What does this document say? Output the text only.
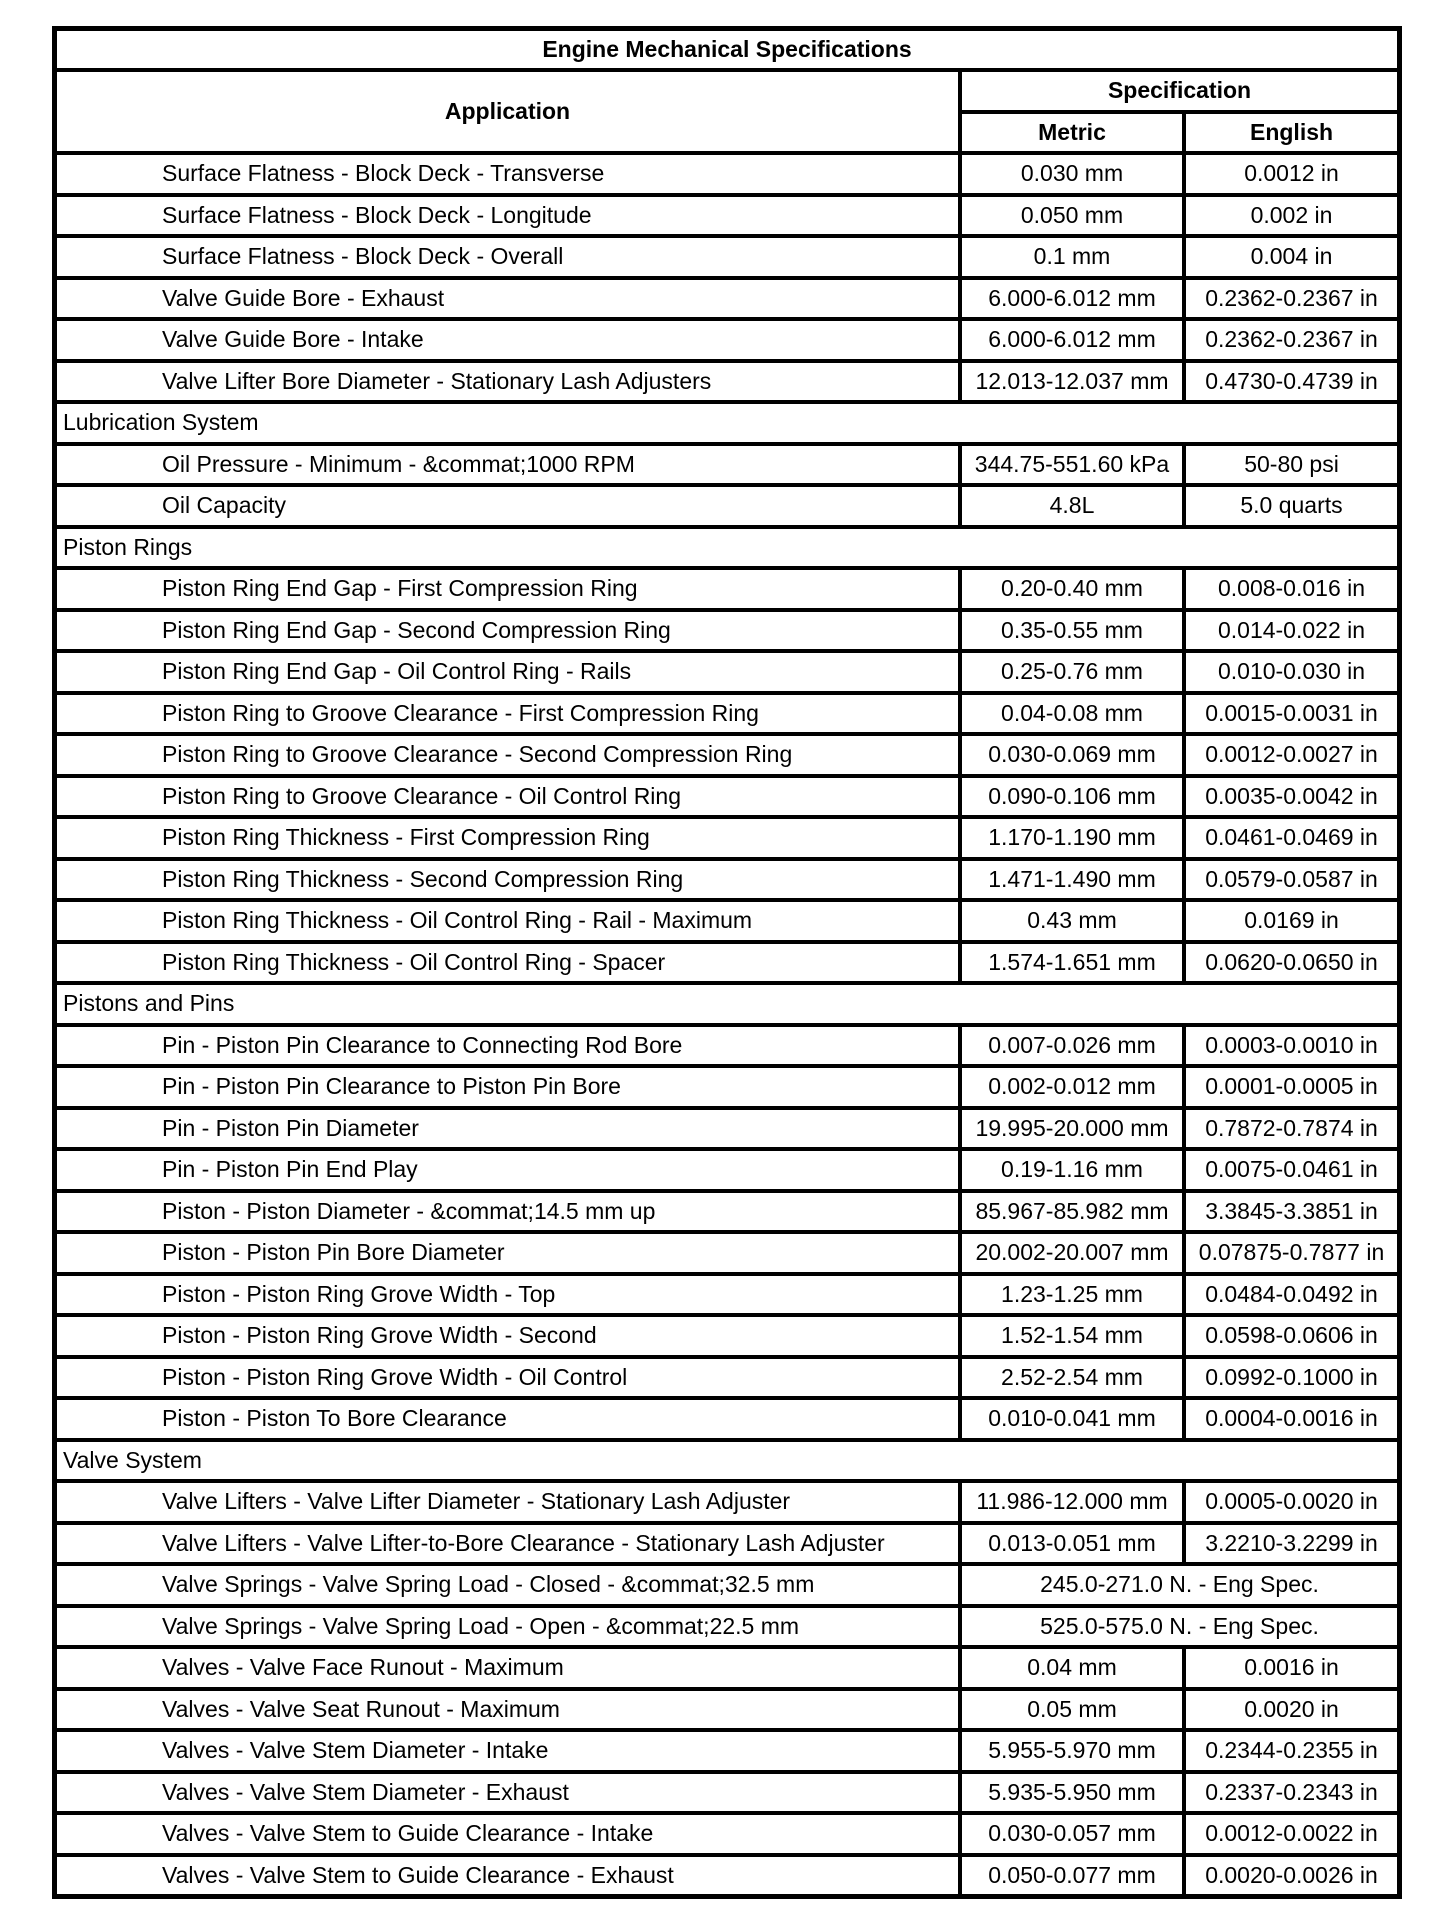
Engine Mechanical Specifications		
Application	Specification	
	Metric	English
Surface Flatness - Block Deck - Transverse	0.030 mm	0.0012 in
Surface Flatness - Block Deck - Longitude	0.050 mm	0.002 in
Surface Flatness - Block Deck - Overall	0.1 mm	0.004 in
Valve Guide Bore - Exhaust	6.000-6.012 mm	0.2362-0.2367 in
Valve Guide Bore - Intake	6.000-6.012 mm	0.2362-0.2367 in
Valve Lifter Bore Diameter - Stationary Lash Adjusters	12.013-12.037 mm	0.4730-0.4739 in
Lubrication System		
Oil Pressure - Minimum - &commat;1000 RPM	344.75-551.60 kPa	50-80 psi
Oil Capacity	4.8L	5.0 quarts
Piston Rings		
Piston Ring End Gap - First Compression Ring	0.20-0.40 mm	0.008-0.016 in
Piston Ring End Gap - Second Compression Ring	0.35-0.55 mm	0.014-0.022 in
Piston Ring End Gap - Oil Control Ring - Rails	0.25-0.76 mm	0.010-0.030 in
Piston Ring to Groove Clearance - First Compression Ring	0.04-0.08 mm	0.0015-0.0031 in
Piston Ring to Groove Clearance - Second Compression Ring	0.030-0.069 mm	0.0012-0.0027 in
Piston Ring to Groove Clearance - Oil Control Ring	0.090-0.106 mm	0.0035-0.0042 in
Piston Ring Thickness - First Compression Ring	1.170-1.190 mm	0.0461-0.0469 in
Piston Ring Thickness - Second Compression Ring	1.471-1.490 mm	0.0579-0.0587 in
Piston Ring Thickness - Oil Control Ring - Rail - Maximum	0.43 mm	0.0169 in
Piston Ring Thickness - Oil Control Ring - Spacer	1.574-1.651 mm	0.0620-0.0650 in
Pistons and Pins		
Pin - Piston Pin Clearance to Connecting Rod Bore	0.007-0.026 mm	0.0003-0.0010 in
Pin - Piston Pin Clearance to Piston Pin Bore	0.002-0.012 mm	0.0001-0.0005 in
Pin - Piston Pin Diameter	19.995-20.000 mm	0.7872-0.7874 in
Pin - Piston Pin End Play	0.19-1.16 mm	0.0075-0.0461 in
Piston - Piston Diameter - &commat;14.5 mm up	85.967-85.982 mm	3.3845-3.3851 in
Piston - Piston Pin Bore Diameter	20.002-20.007 mm	0.07875-0.7877 in
Piston - Piston Ring Grove Width - Top	1.23-1.25 mm	0.0484-0.0492 in
Piston - Piston Ring Grove Width - Second	1.52-1.54 mm	0.0598-0.0606 in
Piston - Piston Ring Grove Width - Oil Control	2.52-2.54 mm	0.0992-0.1000 in
Piston - Piston To Bore Clearance	0.010-0.041 mm	0.0004-0.0016 in
Valve System		
Valve Lifters - Valve Lifter Diameter - Stationary Lash Adjuster	11.986-12.000 mm	0.0005-0.0020 in
Valve Lifters - Valve Lifter-to-Bore Clearance - Stationary Lash Adjuster	0.013-0.051 mm	3.2210-3.2299 in
Valve Springs - Valve Spring Load - Closed - &commat;32.5 mm	245.0-271.0 N. - Eng Spec.	
Valve Springs - Valve Spring Load - Open - &commat;22.5 mm	525.0-575.0 N. - Eng Spec.	
Valves - Valve Face Runout - Maximum	0.04 mm	0.0016 in
Valves - Valve Seat Runout - Maximum	0.05 mm	0.0020 in
Valves - Valve Stem Diameter - Intake	5.955-5.970 mm	0.2344-0.2355 in
Valves - Valve Stem Diameter - Exhaust	5.935-5.950 mm	0.2337-0.2343 in
Valves - Valve Stem to Guide Clearance - Intake	0.030-0.057 mm	0.0012-0.0022 in
Valves - Valve Stem to Guide Clearance - Exhaust	0.050-0.077 mm	0.0020-0.0026 in
